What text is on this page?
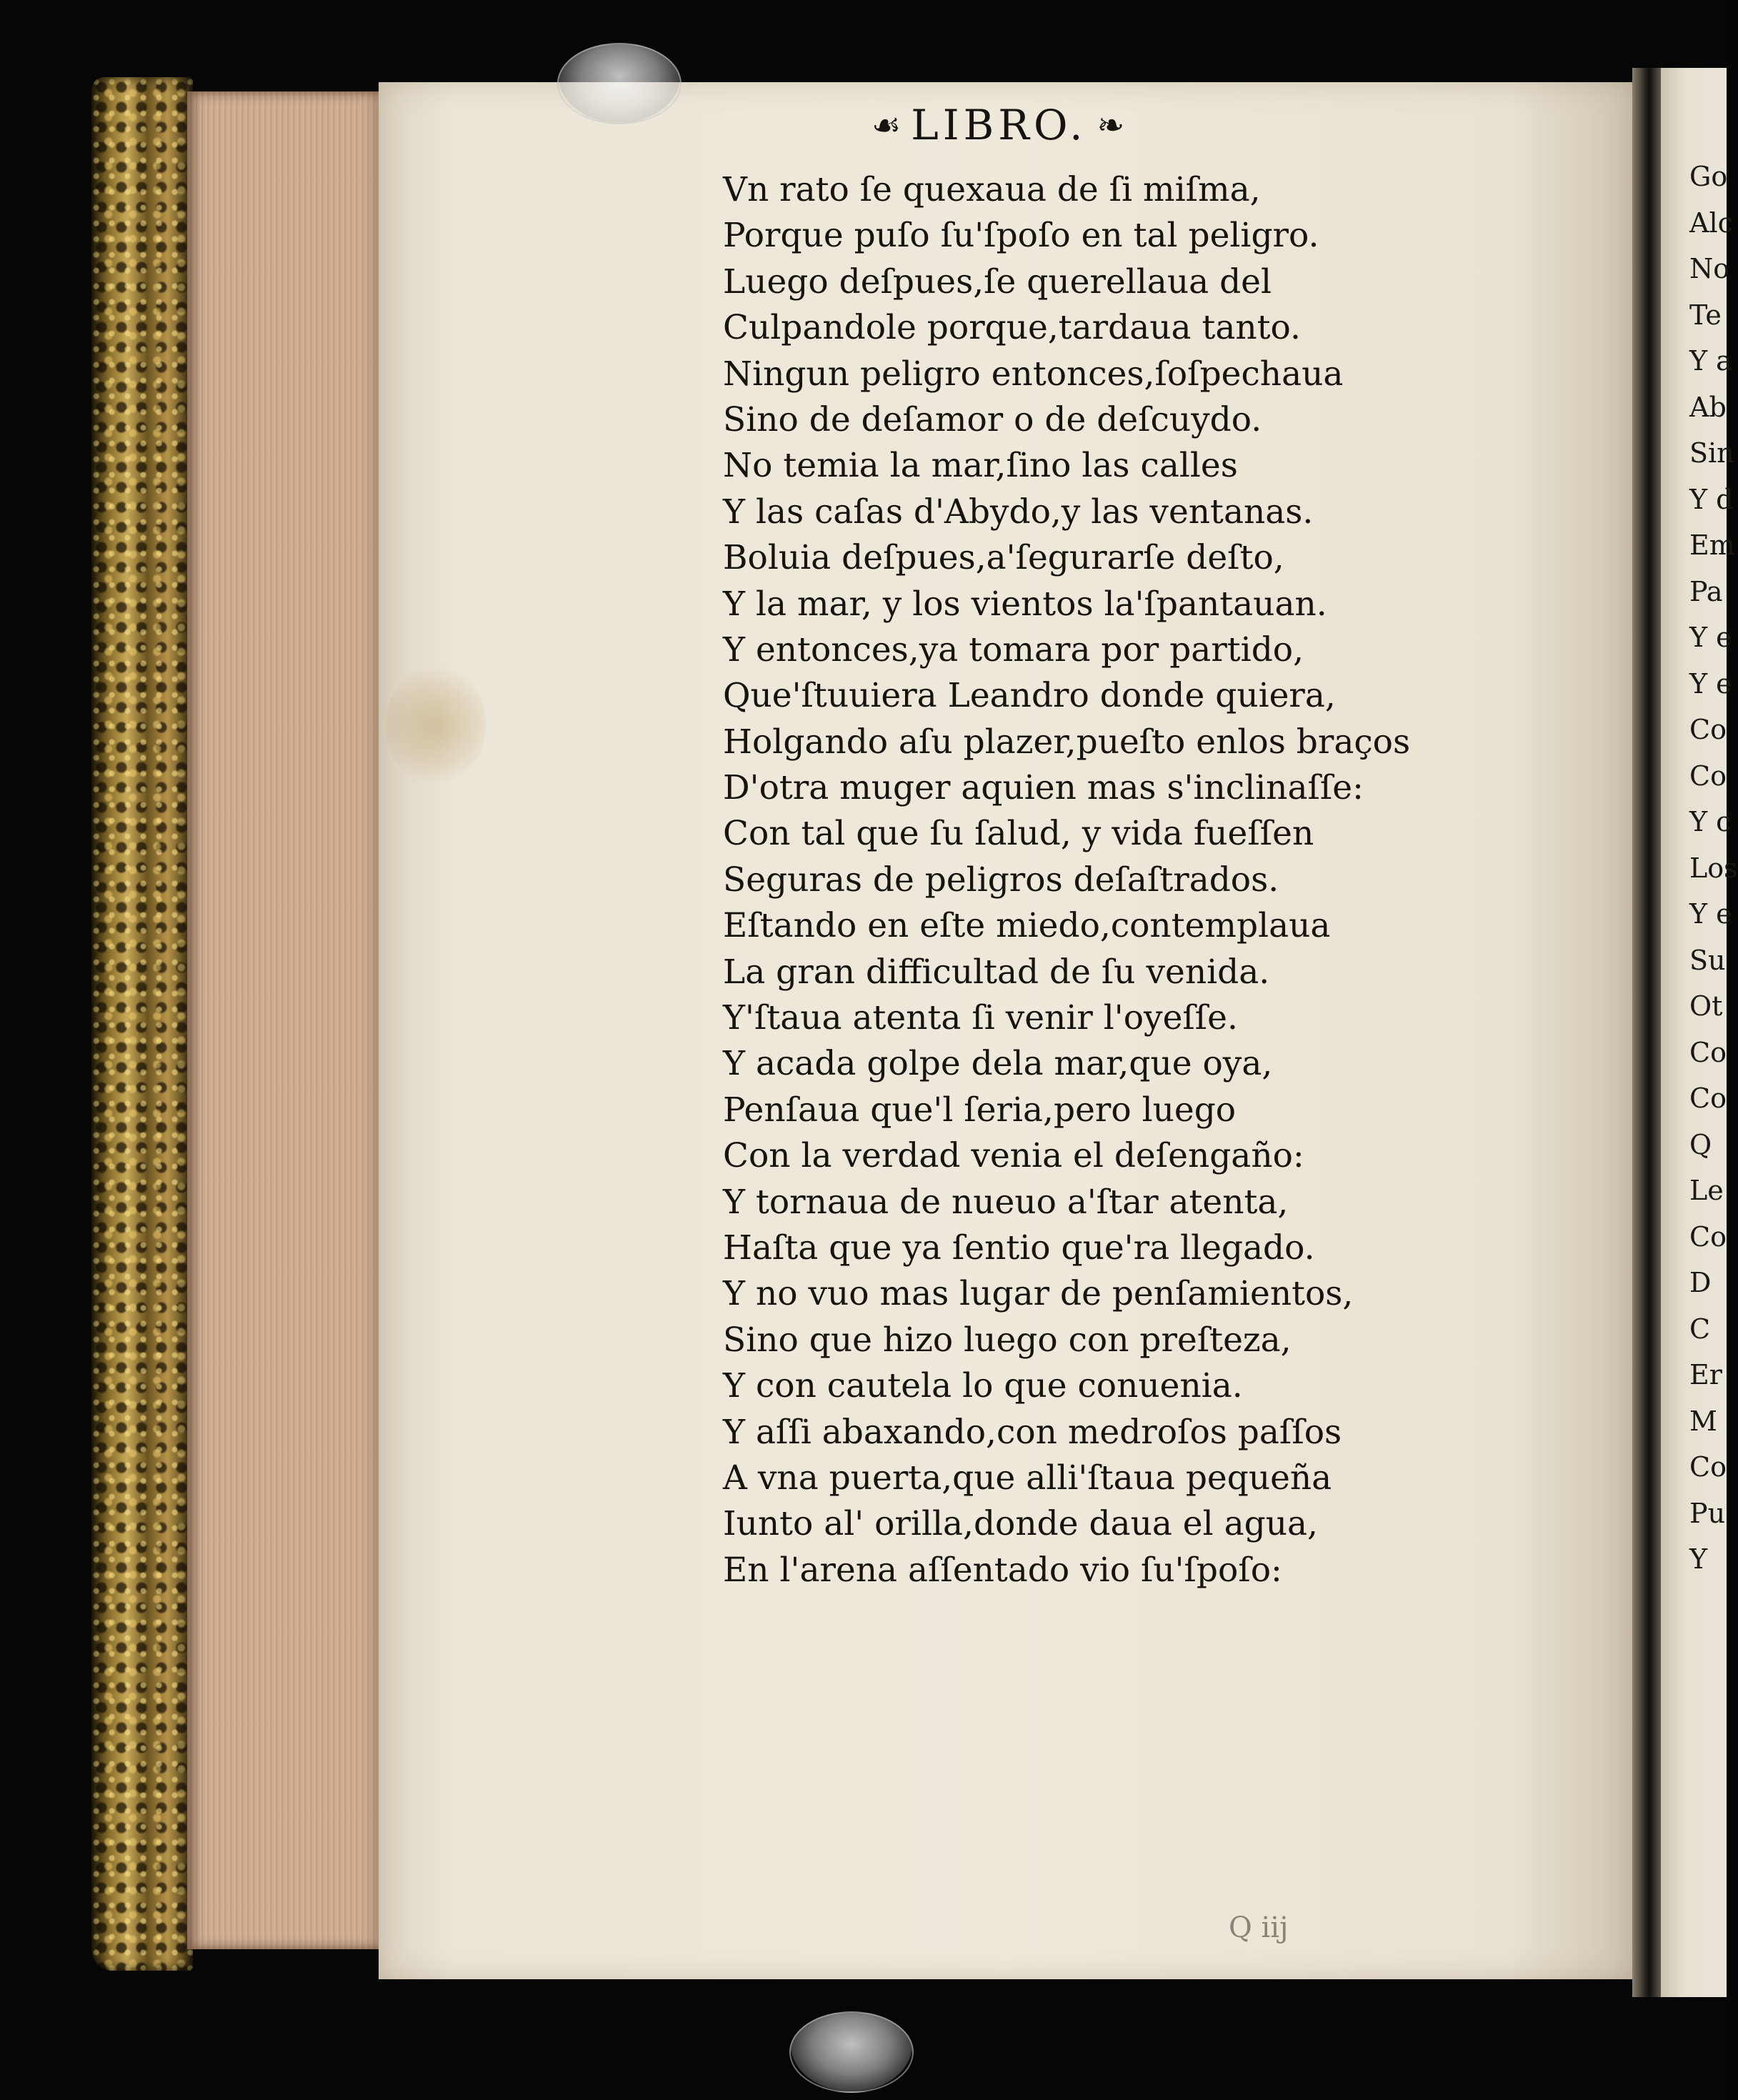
☙ LIBRO. ❧
Vn rato ſe quexaua de ſi miſma,
Porque puſo ſu'ſpoſo en tal peligro.
Luego deſpues,ſe querellaua del
Culpandole porque,tardaua tanto.
Ningun peligro entonces,ſoſpechaua
Sino de deſamor o de deſcuydo.
No temia la mar,ſino las calles
Y las caſas d'Abydo,y las ventanas.
Boluia deſpues,a'ſegurarſe deſto,
Y la mar, y los vientos la'ſpantauan.
Y entonces,ya tomara por partido,
Que'ſtuuiera Leandro donde quiera,
Holgando aſu plazer,pueſto enlos braços
D'otra muger aquien mas s'inclinaſſe:
Con tal que ſu ſalud, y vida fueſſen
Seguras de peligros deſaſtrados.
Eſtando en eſte miedo,contemplaua
La gran difficultad de ſu venida.
Y'ſtaua atenta ſi venir l'oyeſſe.
Y acada golpe dela mar,que oya,
Penſaua que'l ſeria,pero luego
Con la verdad venia el deſengaño:
Y tornaua de nueuo a'ſtar atenta,
Haſta que ya ſentio que'ra llegado.
Y no vuo mas lugar de penſamientos,
Sino que hizo luego con preſteza,
Y con cautela lo que conuenia.
Y aſſi abaxando,con medroſos paſſos
A vna puerta,que alli'ſtaua pequeña
Iunto al' orilla,donde daua el agua,
En l'arena aſſentado vio ſu'ſpoſo:
Q iij
Go
Alc
No
Te
Y a
Ab
Sin
Y d
Em
Pa
Y e
Y e
Co
Co
Y c
Los
Y e
Su
Ot
Co
Co
Q
Le
Co
D
C
Er
M
Co
Pu
Y
